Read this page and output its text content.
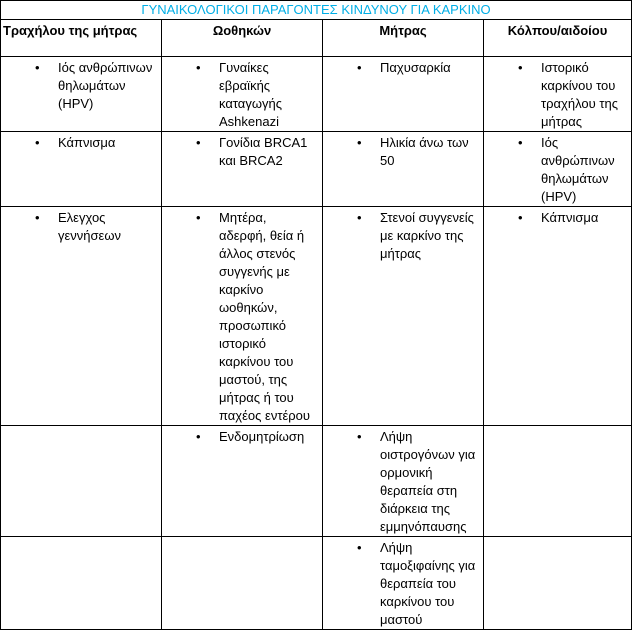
ΓΥΝΑΙΚΟΛΟΓΙΚΟΙ ΠΑΡΑΓΟΝΤΕΣ ΚΙΝΔΥΝΟΥ ΓΙΑ ΚΑΡΚΙΝΟ			
Τραχήλου της μήτρας	Ωοθηκών	Μήτρας	Κόλπου/αιδοίου

• Ιός ανθρώπινων θηλωμάτων (HPV)	• Γυναίκες εβραϊκής καταγωγής Ashkenazi	• Παχυσαρκία	• Ιστορικό καρκίνου του τραχήλου της μήτρας

• Κάπνισμα	• Γονίδια BRCA1 και BRCA2	• Ηλικία άνω των 50	• Ιός ανθρώπινων θηλωμάτων (HPV)

• Ελεγχος γεννήσεων	• Μητέρα, αδερφή, θεία ή άλλος στενός συγγενής με καρκίνο ωοθηκών, προσωπικό ιστορικό καρκίνου του μαστού, της μήτρας ή του παχέος εντέρου	• Στενοί συγγενείς με καρκίνο της μήτρας	• Κάπνισμα

	• Ενδομητρίωση	• Λήψη οιστρογόνων για ορμονική θεραπεία στη διάρκεια της εμμηνόπαυσης	

		• Λήψη ταμοξιφαίνης για θεραπεία του καρκίνου του μαστού	
